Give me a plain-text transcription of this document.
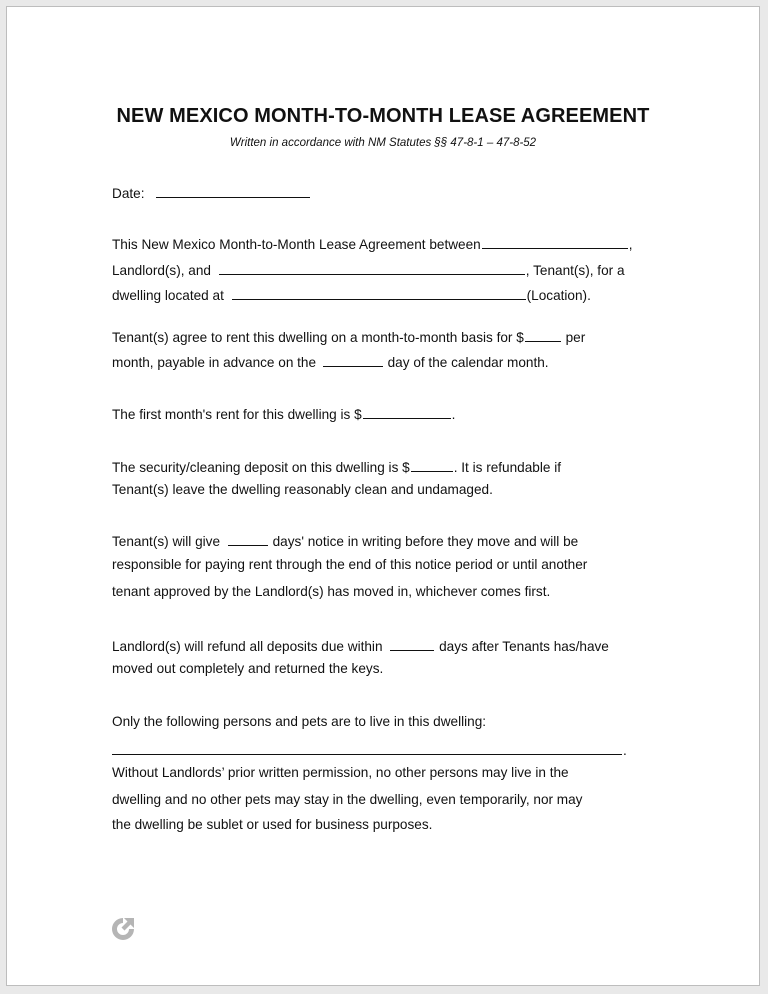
NEW MEXICO MONTH-TO-MONTH LEASE AGREEMENT
Written in accordance with NM Statutes §§ 47-8-1 – 47-8-52
Date:
This New Mexico Month-to-Month Lease Agreement between	,
Landlord(s), and	, Tenant(s), for a
dwelling located at	(Location).
Tenant(s) agree to rent this dwelling on a month-to-month basis for $	per
month, payable in advance on the	day of the calendar month.
The first month's rent for this dwelling is $	.
The security/cleaning deposit on this dwelling is $	. It is refundable if
Tenant(s) leave the dwelling reasonably clean and undamaged.
Tenant(s) will give	days' notice in writing before they move and will be
responsible for paying rent through the end of this notice period or until another
tenant approved by the Landlord(s) has moved in, whichever comes first.
Landlord(s) will refund all deposits due within	days after Tenants has/have
moved out completely and returned the keys.
Only the following persons and pets are to live in this dwelling:
.
Without Landlords’ prior written permission, no other persons may live in the
dwelling and no other pets may stay in the dwelling, even temporarily, nor may
the dwelling be sublet or used for business purposes.
